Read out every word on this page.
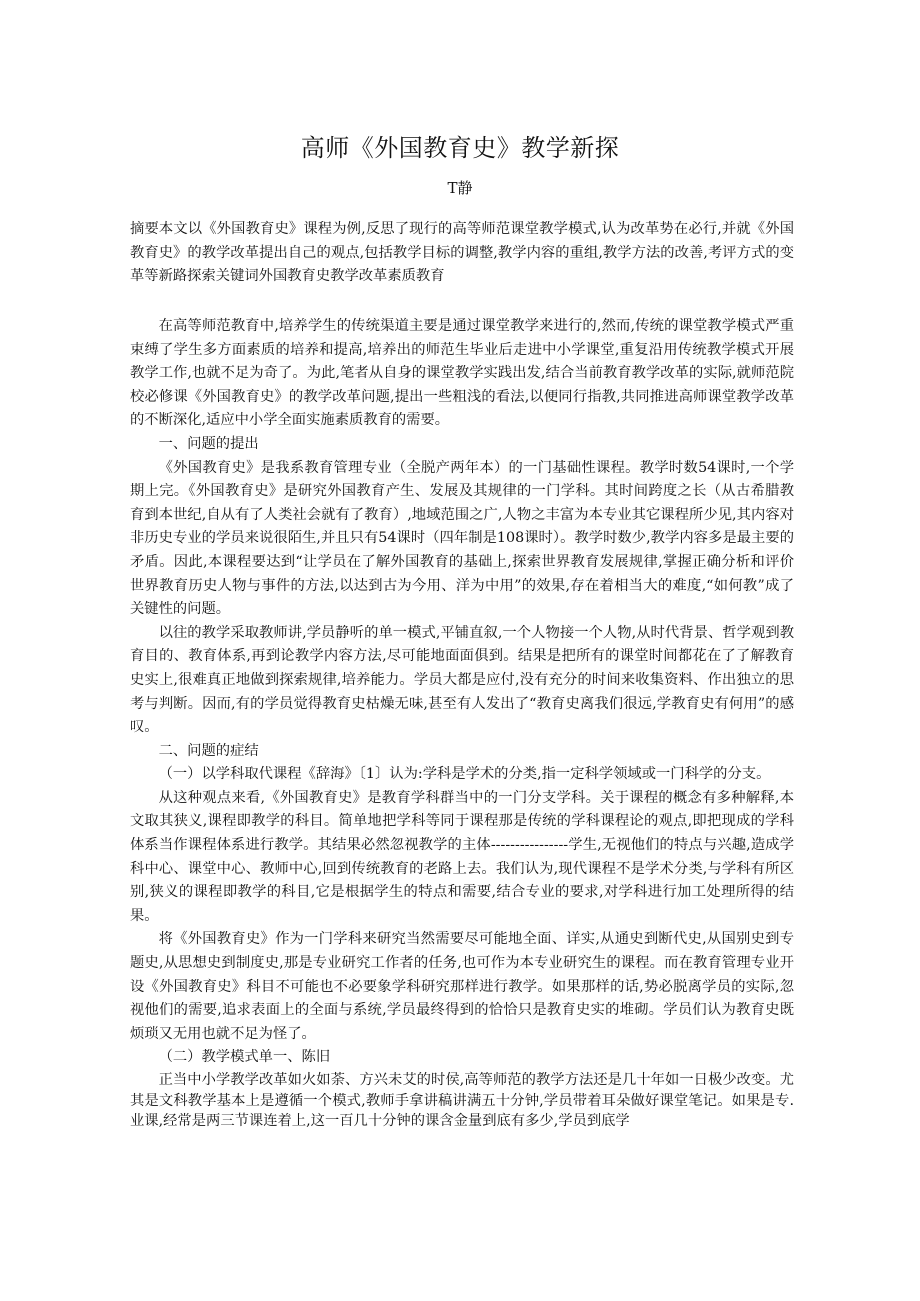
高师《外国教育史》教学新探
T静

摘要本文以《外国教育史》课程为例,反思了现行的高等师范课堂教学模式,认为改革势在必行,并就《外国教育史》的教学改革提出自己的观点,包括教学目标的调整,教学内容的重组,教学方法的改善,考评方式的变革等新路探索关键词外国教育史教学改革素质教育

在高等师范教育中,培养学生的传统渠道主要是通过课堂教学来进行的,然而,传统的课堂教学模式严重束缚了学生多方面素质的培养和提高,培养出的师范生毕业后走进中小学课堂,重复沿用传统教学模式开展教学工作,也就不足为奇了。为此,笔者从自身的课堂教学实践出发,结合当前教育教学改革的实际,就师范院校必修课《外国教育史》的教学改革问题,提出一些粗浅的看法,以便同行指教,共同推进高师课堂教学改革的不断深化,适应中小学全面实施素质教育的需要。

一、问题的提出

《外国教育史》是我系教育管理专业（全脱产两年本）的一门基础性课程。教学时数54课时,一个学期上完。《外国教育史》是研究外国教育产生、发展及其规律的一门学科。其时间跨度之长（从古希腊教育到本世纪,自从有了人类社会就有了教育）,地域范围之广,人物之丰富为本专业其它课程所少见,其内容对非历史专业的学员来说很陌生,并且只有54课时（四年制是108课时）。教学时数少,教学内容多是最主要的矛盾。因此,本课程要达到“让学员在了解外国教育的基础上,探索世界教育发展规律,掌握正确分析和评价世界教育历史人物与事件的方法,以达到古为今用、洋为中用”的效果,存在着相当大的难度,“如何教”成了关键性的问题。

以往的教学采取教师讲,学员静听的单一模式,平铺直叙,一个人物接一个人物,从时代背景、哲学观到教育目的、教育体系,再到论教学内容方法,尽可能地面面俱到。结果是把所有的课堂时间都花在了了解教育史实上,很难真正地做到探索规律,培养能力。学员大都是应付,没有充分的时间来收集资料、作出独立的思考与判断。因而,有的学员觉得教育史枯燥无味,甚至有人发出了“教育史离我们很远,学教育史有何用”的感叹。

二、问题的症结

（一）以学科取代课程《辞海》〔1〕认为:学科是学术的分类,指一定科学领域或一门科学的分支。

从这种观点来看,《外国教育史》是教育学科群当中的一门分支学科。关于课程的概念有多种解释,本文取其狭义,课程即教学的科目。简单地把学科等同于课程那是传统的学科课程论的观点,即把现成的学科体系当作课程体系进行教学。其结果必然忽视教学的主体----------------学生,无视他们的特点与兴趣,造成学科中心、课堂中心、教师中心,回到传统教育的老路上去。我们认为,现代课程不是学术分类,与学科有所区别,狭义的课程即教学的科目,它是根据学生的特点和需要,结合专业的要求,对学科进行加工处理所得的结果。

将《外国教育史》作为一门学科来研究当然需要尽可能地全面、详实,从通史到断代史,从国别史到专题史,从思想史到制度史,那是专业研究工作者的任务,也可作为本专业研究生的课程。而在教育管理专业开设《外国教育史》科目不可能也不必要象学科研究那样进行教学。如果那样的话,势必脱离学员的实际,忽视他们的需要,追求表面上的全面与系统,学员最终得到的恰恰只是教育史实的堆砌。学员们认为教育史既烦琐又无用也就不足为怪了。

（二）教学模式单一、陈旧

正当中小学教学改革如火如荼、方兴未艾的时侯,高等师范的教学方法还是几十年如一日极少改变。尤其是文科教学基本上是遵循一个模式,教师手拿讲稿讲满五十分钟,学员带着耳朵做好课堂笔记。如果是专.业课,经常是两三节课连着上,这一百几十分钟的课含金量到底有多少,学员到底学
